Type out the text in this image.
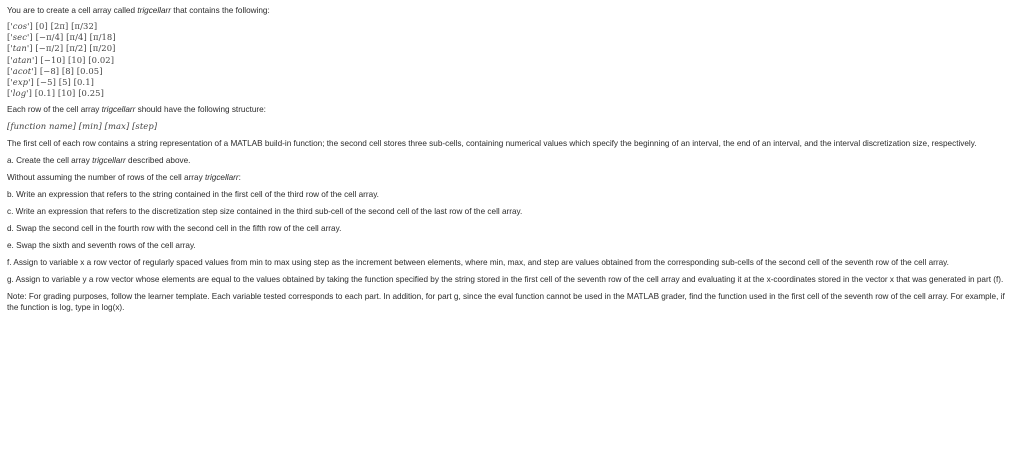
You are to create a cell array called trigcellarr that contains the following:

['cos'] [0] [2π] [π/32]
['sec'] [−π/4] [π/4] [π/18]
['tan'] [−π/2] [π/2] [π/20]
['atan'] [−10] [10] [0.02]
['acot'] [−8] [8] [0.05]
['exp'] [−5] [5] [0.1]
['log'] [0.1] [10] [0.25]

Each row of the cell array trigcellarr should have the following structure:

[function name] [min] [max] [step]

The first cell of each row contains a string representation of a MATLAB build-in function; the second cell stores three sub-cells, containing numerical values which specify the beginning of an interval, the end of an interval, and the interval discretization size, respectively.

a. Create the cell array trigcellarr described above.

Without assuming the number of rows of the cell array trigcellarr:

b. Write an expression that refers to the string contained in the first cell of the third row of the cell array.

c. Write an expression that refers to the discretization step size contained in the third sub-cell of the second cell of the last row of the cell array.

d. Swap the second cell in the fourth row with the second cell in the fifth row of the cell array.

e. Swap the sixth and seventh rows of the cell array.

f. Assign to variable x a row vector of regularly spaced values from min to max using step as the increment between elements, where min, max, and step are values obtained from the corresponding sub-cells of the second cell of the seventh row of the cell array.

g. Assign to variable y a row vector whose elements are equal to the values obtained by taking the function specified by the string stored in the first cell of the seventh row of the cell array and evaluating it at the x-coordinates stored in the vector x that was generated in part (f).

Note: For grading purposes, follow the learner template. Each variable tested corresponds to each part. In addition, for part g, since the eval function cannot be used in the MATLAB grader, find the function used in the first cell of the seventh row of the cell array. For example, if the function is log, type in log(x).
